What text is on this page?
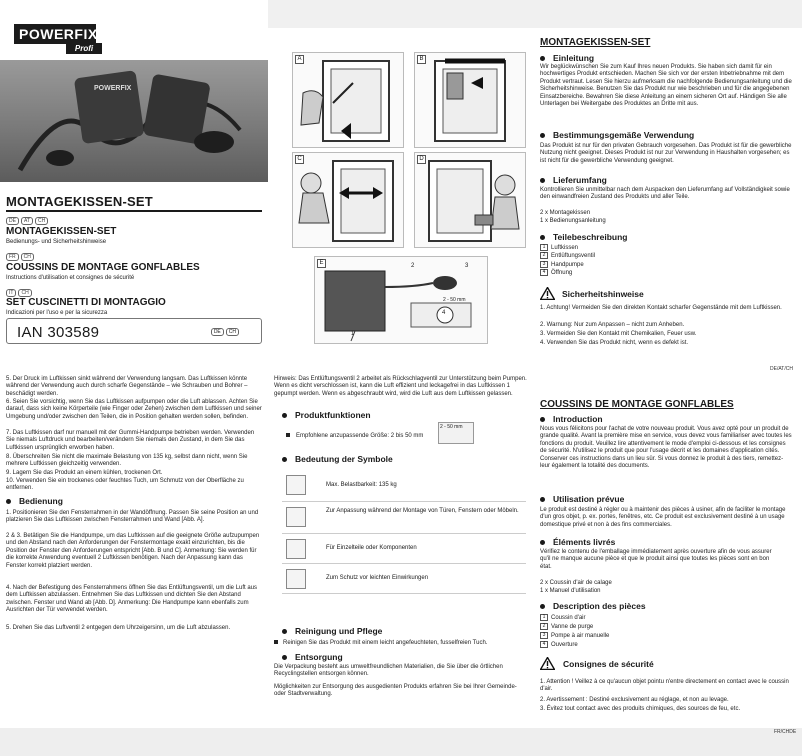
POWERFIX
Profi
POWERFIX
MONTAGEKISSEN-SET
DE AT CH
MONTAGEKISSEN-SET
Bedienungs- und Sicherheitshinweise
FR CH
COUSSINS DE MONTAGE GONFLABLES
Instructions d'utilisation et consignes de sécurité
IT CH
SET CUSCINETTI DI MONTAGGIO
Indicazioni per l'uso e per la sicurezza
IAN 303589	DE CH
A	B
C	D
E
1
2	3
4
2 - 50 mm
MONTAGEKISSEN-SET
Einleitung
Wir beglückwünschen Sie zum Kauf Ihres neuen Produkts. Sie haben sich damit für ein hochwertiges Produkt entschieden. Machen Sie sich vor der ersten Inbetriebnahme mit dem Produkt vertraut. Lesen Sie hierzu aufmerksam die nachfolgende Bedienungsanleitung und die Sicherheitshinweise. Benutzen Sie das Produkt nur wie beschrieben und für die angegebenen Einsatzbereiche. Bewahren Sie diese Anleitung an einem sicheren Ort auf. Händigen Sie alle Unterlagen bei Weitergabe des Produktes an Dritte mit aus.
Bestimmungsgemäße Verwendung
Das Produkt ist nur für den privaten Gebrauch vorgesehen. Das Produkt ist für die gewerbliche Nutzung nicht geeignet. Dieses Produkt ist nur zur Verwendung in Haushalten vorgesehen; es ist nicht für die gewerbliche Verwendung geeignet.
Lieferumfang
Kontrollieren Sie unmittelbar nach dem Auspacken den Lieferumfang auf Vollständigkeit sowie den einwandfreien Zustand des Produkts und aller Teile.
2 x Montagekissen
1 x Bedienungsanleitung
Teilebeschreibung
1 Luftkissen
2 Entlüftungsventil
3 Handpumpe
4 Öffnung
Sicherheitshinweise
1. Achtung! Vermeiden Sie den direkten Kontakt scharfer Gegenstände mit dem Luftkissen.
2. Warnung: Nur zum Anpassen – nicht zum Anheben.
3. Vermeiden Sie den Kontakt mit Chemikalien, Feuer usw.
4. Verwenden Sie das Produkt nicht, wenn es defekt ist.
DE/AT/CH
5. Der Druck im Luftkissen sinkt während der Verwendung langsam. Das Luftkissen könnte während der Verwendung auch durch scharfe Gegenstände – wie Schrauben und Bohrer – beschädigt werden.
6. Seien Sie vorsichtig, wenn Sie das Luftkissen aufpumpen oder die Luft ablassen. Achten Sie darauf, dass sich keine Körperteile (wie Finger oder Zehen) zwischen dem Luftkissen und seiner Umgebung und/oder zwischen den Teilen, die in Position gehalten werden sollen, befinden.
7. Das Luftkissen darf nur manuell mit der Gummi-Handpumpe betrieben werden. Verwenden Sie niemals Luftdruck und bearbeiten/verändern Sie niemals den Zustand, in dem Sie das Luftkissen ursprünglich erworben haben.
8. Überschreiten Sie nicht die maximale Belastung von 135 kg, selbst dann nicht, wenn Sie mehrere Luftkissen gleichzeitig verwenden.
9. Lagern Sie das Produkt an einem kühlen, trockenen Ort.
10. Verwenden Sie ein trockenes oder feuchtes Tuch, um Schmutz von der Oberfläche zu entfernen.
Bedienung
1. Positionieren Sie den Fensterrahmen in der Wandöffnung. Passen Sie seine Position an und platzieren Sie das Luftkissen zwischen Fensterrahmen und Wand [Abb. A].
2 & 3. Betätigen Sie die Handpumpe, um das Luftkissen auf die geeignete Größe aufzupumpen und den Abstand nach den Anforderungen der Fenstermontage exakt einzurichten, bis die Position der Fenster den Anforderungen entspricht [Abb. B und C]. Anmerkung: Sie werden für die korrekte Anwendung eventuell 2 Luftkissen benötigen. Nach der Anpassung kann das Fenster korrekt platziert werden.
4. Nach der Befestigung des Fensterrahmens öffnen Sie das Entlüftungsventil, um die Luft aus dem Luftkissen abzulassen. Entnehmen Sie das Luftkissen und dichten Sie den Abstand zwischen. Fenster und Wand ab [Abb. D]. Anmerkung: Die Handpumpe kann ebenfalls zum Ausrichten der Tür verwendet werden.
5. Drehen Sie das Luftventil 2 entgegen dem Uhrzeigersinn, um die Luft abzulassen.
Hinweis: Das Entlüftungsventil 2 arbeitet als Rückschlagventil zur Unterstützung beim Pumpen. Wenn es dicht verschlossen ist, kann die Luft effizient und leckagefrei in das Luftkissen 1 gepumpt werden. Wenn es abgeschraubt wird, wird die Luft aus dem Luftkissen gelassen.
Produktfunktionen
Empfohlene anzupassende Größe: 2 bis 50 mm
2 - 50 mm
Bedeutung der Symbole
Max. Belastbarkeit: 135 kg
Zur Anpassung während der Montage von Türen, Fenstern oder Möbeln.
Für Einzelteile oder Komponenten
Zum Schutz vor leichten Einwirkungen
Reinigung und Pflege
Reinigen Sie das Produkt mit einem leicht angefeuchteten, fusselfreien Tuch.
Entsorgung
Die Verpackung besteht aus umweltfreundlichen Materialien, die Sie über die örtlichen Recyclingstellen entsorgen können.
Möglichkeiten zur Entsorgung des ausgedienten Produkts erfahren Sie bei Ihrer Gemeinde- oder Stadtverwaltung.
COUSSINS DE MONTAGE GONFLABLES
Introduction
Nous vous félicitons pour l'achat de votre nouveau produit. Vous avez opté pour un produit de grande qualité. Avant la première mise en service, vous devez vous familiariser avec toutes les fonctions du produit. Veuillez lire attentivement le mode d'emploi ci-dessous et les consignes de sécurité. N'utilisez le produit que pour l'usage décrit et les domaines d'application cités. Conserver ces instructions dans un lieu sûr. Si vous donnez le produit à des tiers, remettez-leur également la totalité des documents.
Utilisation prévue
Le produit est destiné à régler ou à maintenir des pièces à usiner, afin de faciliter le montage d'un gros objet, p. ex. portes, fenêtres, etc. Ce produit est exclusivement destiné à un usage domestique privé et non à des fins commerciales.
Éléments livrés
Vérifiez le contenu de l'emballage immédiatement après ouverture afin de vous assurer qu'il ne manque aucune pièce et que le produit ainsi que toutes les pièces sont en bon état.
2 x Coussin d'air de calage
1 x Manuel d'utilisation
Description des pièces
1 Coussin d'air
2 Vanne de purge
3 Pompe à air manuelle
4 Ouverture
Consignes de sécurité
1. Attention ! Veillez à ce qu'aucun objet pointu n'entre directement en contact avec le coussin d'air.
2. Avertissement : Destiné exclusivement au réglage, et non au levage.
3. Évitez tout contact avec des produits chimiques, des sources de feu, etc.
FR/CHDE
